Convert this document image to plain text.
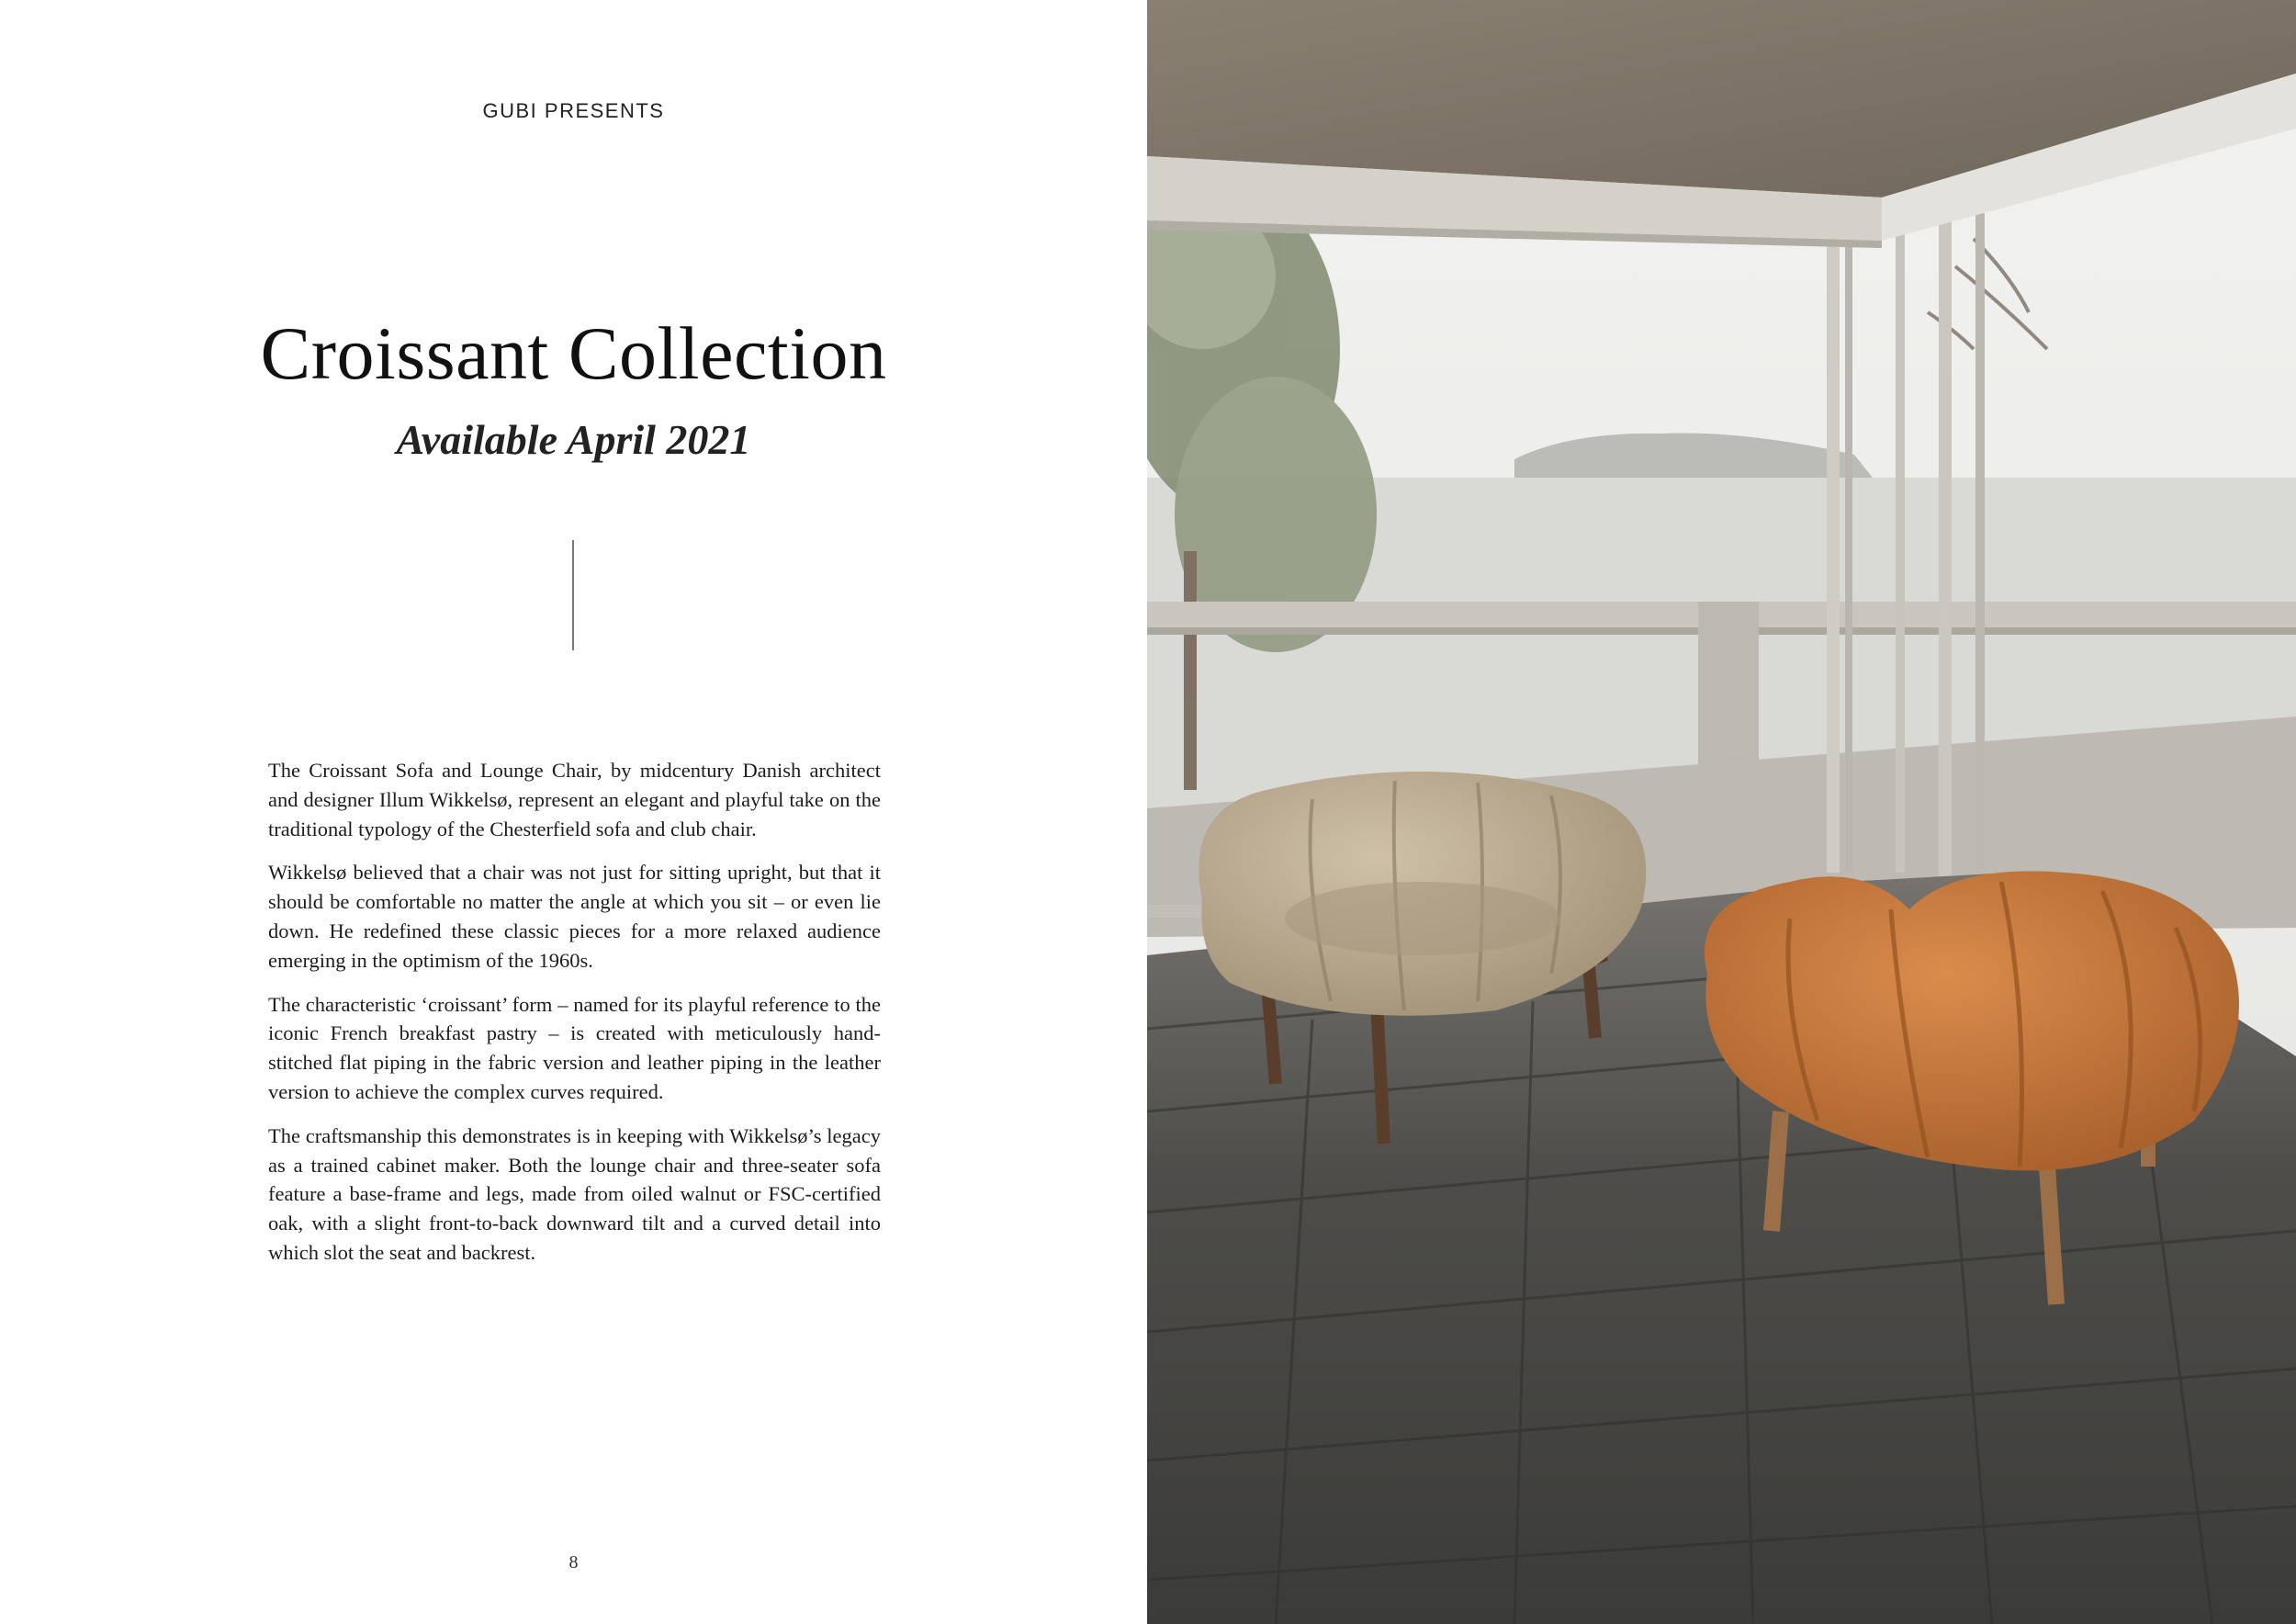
GUBI PRESENTS
Croissant Collection
Available April 2021

The Croissant Sofa and Lounge Chair, by midcentury Danish architect and designer Illum Wikkelsø, represent an elegant and playful take on the traditional typology of the Chesterfield sofa and club chair.

Wikkelsø believed that a chair was not just for sitting upright, but that it should be comfortable no matter the angle at which you sit – or even lie down. He redefined these classic pieces for a more relaxed audience emerging in the optimism of the 1960s.

The characteristic ‘croissant’ form – named for its playful reference to the iconic French breakfast pastry – is created with meticulously hand-stitched flat piping in the fabric version and leather piping in the leather version to achieve the complex curves required.

The craftsmanship this demonstrates is in keeping with Wikkelsø’s legacy as a trained cabinet maker. Both the lounge chair and three-seater sofa feature a base-frame and legs, made from oiled walnut or FSC-certified oak, with a slight front-to-back downward tilt and a curved detail into which slot the seat and backrest.

8
